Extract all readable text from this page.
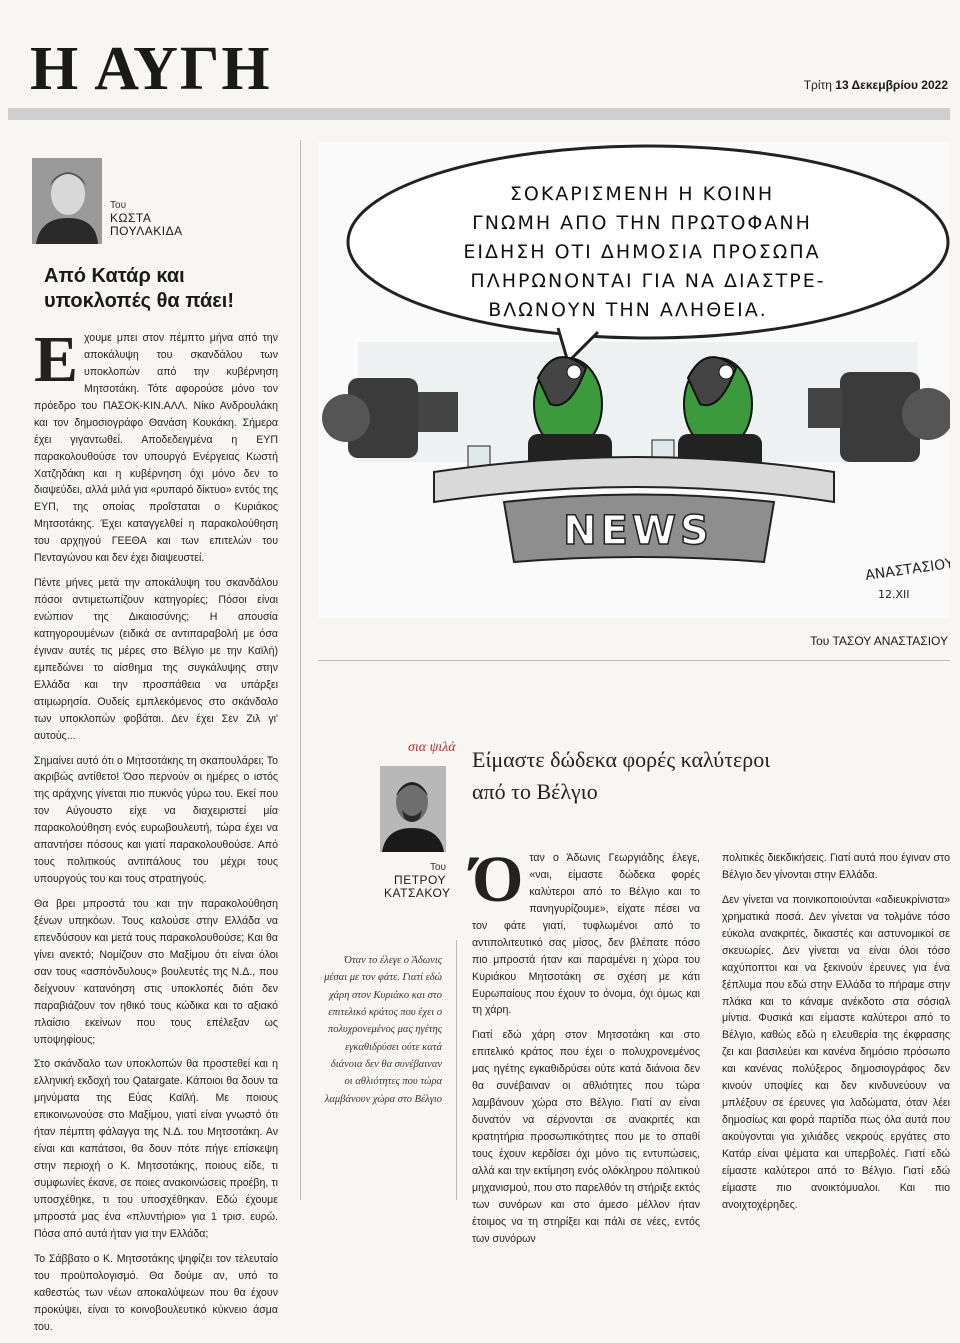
Η ΑΥΓΗ	Τρίτη 13 Δεκεμβρίου 2022
Του
ΚΩΣΤΑ
ΠΟΥΛΑΚΙΔΑ
Από Κατάρ και υποκλοπές θα πάει!

Ε χουμε μπει στον πέμπτο μήνα από την αποκάλυψη του σκανδάλου των υποκλοπών από την κυβέρνηση Μητσοτάκη. Τότε αφορούσε μόνο τον πρόεδρο του ΠΑΣΟΚ-ΚΙΝ.ΑΛΛ. Νίκο Ανδρουλάκη και τον δημοσιογράφο Θανάση Κουκάκη. Σήμερα έχει γιγαντωθεί. Αποδεδειγμένα η ΕΥΠ παρακολουθούσε τον υπουργό Ενέργειας Κωστή Χατζηδάκη και η κυβέρνηση όχι μόνο δεν το διαψεύδει, αλλά μιλά για «ρυπαρό δίκτυο» εντός της ΕΥΠ, της οποίας προΐσταται ο Κυριάκος Μητσοτάκης. Έχει καταγγελθεί η παρακολούθηση του αρχηγού ΓΕΕΘΑ και των επιτελών του Πενταγώνου και δεν έχει διαψευστεί.

Πέντε μήνες μετά την αποκάλυψη του σκανδάλου πόσοι αντιμετωπίζουν κατηγορίες; Πόσοι είναι ενώπιον της Δικαιοσύνης; Η απουσία κατηγορουμένων (ειδικά σε αντιπαραβολή με όσα έγιναν αυτές τις μέρες στο Βέλγιο με την Καϊλή) εμπεδώνει το αίσθημα της συγκάλυψης στην Ελλάδα και την προσπάθεια να υπάρξει ατιμωρησία. Ουδείς εμπλεκόμενος στο σκάνδαλο των υποκλοπών φοβάται. Δεν έχει Σεν Ζιλ γι' αυτούς...

Σημαίνει αυτό ότι ο Μητσοτάκης τη σκαπουλάρει; Το ακριβώς αντίθετο! Όσο περνούν οι ημέρες ο ιστός της αράχνης γίνεται πιο πυκνός γύρω του. Εκεί που τον Αύγουστο είχε να διαχειριστεί μία παρακολούθηση ενός ευρωβουλευτή, τώρα έχει να απαντήσει πόσους και γιατί παρακολουθούσε. Από τους πολιτικούς αντιπάλους του μέχρι τους υπουργούς του και τους στρατηγούς.

Θα βρει μπροστά του και την παρακολούθηση ξένων υπηκόων. Τους καλούσε στην Ελλάδα να επενδύσουν και μετά τους παρακολουθούσε; Και θα γίνει ανεκτό; Νομίζουν στο Μαξίμου ότι είναι όλοι σαν τους «ασπόνδυλους» βουλευτές της Ν.Δ., που δείχνουν κατανόηση στις υποκλοπές διότι δεν παραβιάζουν τον ηθικό τους κώδικα και το αξιακό πλαίσιο εκείνων που τους επέλεξαν ως υποψηφίους;

Στο σκάνδαλο των υποκλοπών θα προστεθεί και η ελληνική εκδοχή του Qatargate. Κάποιοι θα δουν τα μηνύματα της Εύας Καϊλή. Με ποιους επικοινωνούσε στο Μαξίμου, γιατί είναι γνωστό ότι ήταν πέμπτη φάλαγγα της Ν.Δ. του Μητσοτάκη. Αν είναι και καπάτσοι, θα δουν πότε πήγε επίσκεψη στην περιοχή ο Κ. Μητσοτάκης, ποιους είδε, τι συμφωνίες έκανε, σε ποιες ανακοινώσεις προέβη, τι υποσχέθηκε, τι του υποσχέθηκαν. Εδώ έχουμε μπροστά μας ένα «πλυντήριο» για 1 τρισ. ευρώ. Πόσα από αυτά ήταν για την Ελλάδα;

Το Σάββατο ο Κ. Μητσοτάκης ψηφίζει τον τελευταίο του προϋπολογισμό. Θα δούμε αν, υπό το καθεστώς των νέων αποκαλύψεων που θα έχουν προκύψει, είναι το κοινοβουλευτικό κύκνειο άσμα του.

ΣΟΚΑΡΙΣΜΕΝΗ Η ΚΟΙΝΗ
ΓΝΩΜΗ ΑΠΟ ΤΗΝ ΠΡΩΤΟΦΑΝΗ
ΕΙΔΗΣΗ ΟΤΙ ΔΗΜΟΣΙΑ ΠΡΟΣΩΠΑ
ΠΛΗΡΩΝΟΝΤΑΙ ΓΙΑ ΝΑ ΔΙΑΣΤΡΕ-
ΒΛΩΝΟΥΝ ΤΗΝ ΑΛΗΘΕΙΑ.
NEWS
ΑΝΑΣΤΑΣΙΟΥ
12.XII
Του ΤΑΣΟΥ ΑΝΑΣΤΑΣΙΟΥ
σια ψιλά Είμαστε δώδεκα φορές καλύτεροι
από το Βέλγιο
Του
ΠΕΤΡΟΥ
ΚΑΤΣΑΚΟΥ
Όταν το έλεγε ο Άδωνις μέσαι με τον φάτε. Γιατί εδώ χάρη στον Κυριάκο και στο επιτελικό κράτος που έχει ο πολυχρονεμένος μας ηγέτης εγκαθιδρύσει ούτε κατά διάνοια δεν θα συνέβαιναν οι αθλιότητες που τώρα λαμβάνουν χώρα στο Βέλγιο

Ό ταν ο Άδωνις Γεωργιάδης έλεγε, «ναι, είμαστε δώδεκα φορές καλύτεροι από το Βέλγιο και το πανηγυρίζουμε», είχατε πέσει να τον φάτε γιατί, τυφλωμένοι από το αντιπολιτευτικό σας μίσος, δεν βλέπατε πόσο πιο μπροστά ήταν και παραμένει η χώρα του Κυριάκου Μητσοτάκη σε σχέση με κάτι Ευρωπαίους που έχουν το όνομα, όχι όμως και τη χάρη.

Γιατί εδώ χάρη στον Μητσοτάκη και στο επιτελικό κράτος που έχει ο πολυχρονεμένος μας ηγέτης εγκαθιδρύσει ούτε κατά διάνοια δεν θα συνέβαιναν οι αθλιότητες που τώρα λαμβάνουν χώρα στο Βέλγιο. Γιατί αν είναι δυνατόν να σέρνονται σε ανακριτές και κρατητήρια προσωπικότητες που με το σπαθί τους έχουν κερδίσει όχι μόνο τις εντυπώσεις, αλλά και την εκτίμηση ενός ολόκληρου πολιτικού μηχανισμού, που στο παρελθόν τη στήριξε εκτός των συνόρων και στο άμεσο μέλλον ήταν έτοιμος να τη στηρίξει και πάλι σε νέες, εντός των συνόρων

πολιτικές διεκδικήσεις. Γιατί αυτά που έγιναν στο Βέλγιο δεν γίνονται στην Ελλάδα.

Δεν γίνεται να ποινικοποιούνται «αδιευκρίνιστα» χρηματικά ποσά. Δεν γίνεται να τολμάνε τόσο εύκολα ανακριτές, δικαστές και αστυνομικοί σε σκευωρίες. Δεν γίνεται να είναι όλοι τόσο καχύποπτοι και να ξεκινούν έρευνες για ένα ξέπλυμα που εδώ στην Ελλάδα το πήραμε στην πλάκα και το κάναμε ανέκδοτο στα σόσιαλ μίντια. Φυσικά και είμαστε καλύτεροι από το Βέλγιο, καθώς εδώ η ελευθερία της έκφρασης ζει και βασιλεύει και κανένα δημόσιο πρόσωπο και κανένας πολύξερος δημοσιογράφος δεν κινούν υποψίες και δεν κινδυνεύουν να μπλέξουν σε έρευνες για λαδώματα, όταν λέει δημοσίως και φορά παρτίδα πως όλα αυτά που ακούγονται για χιλιάδες νεκρούς εργάτες στο Κατάρ είναι ψέματα και υπερβολές. Γιατί εδώ είμαστε καλύτεροι από το Βέλγιο. Γιατί εδώ είμαστε πιο ανοικτόμυαλοι. Και πιο ανοιχτοχέρηδες.
